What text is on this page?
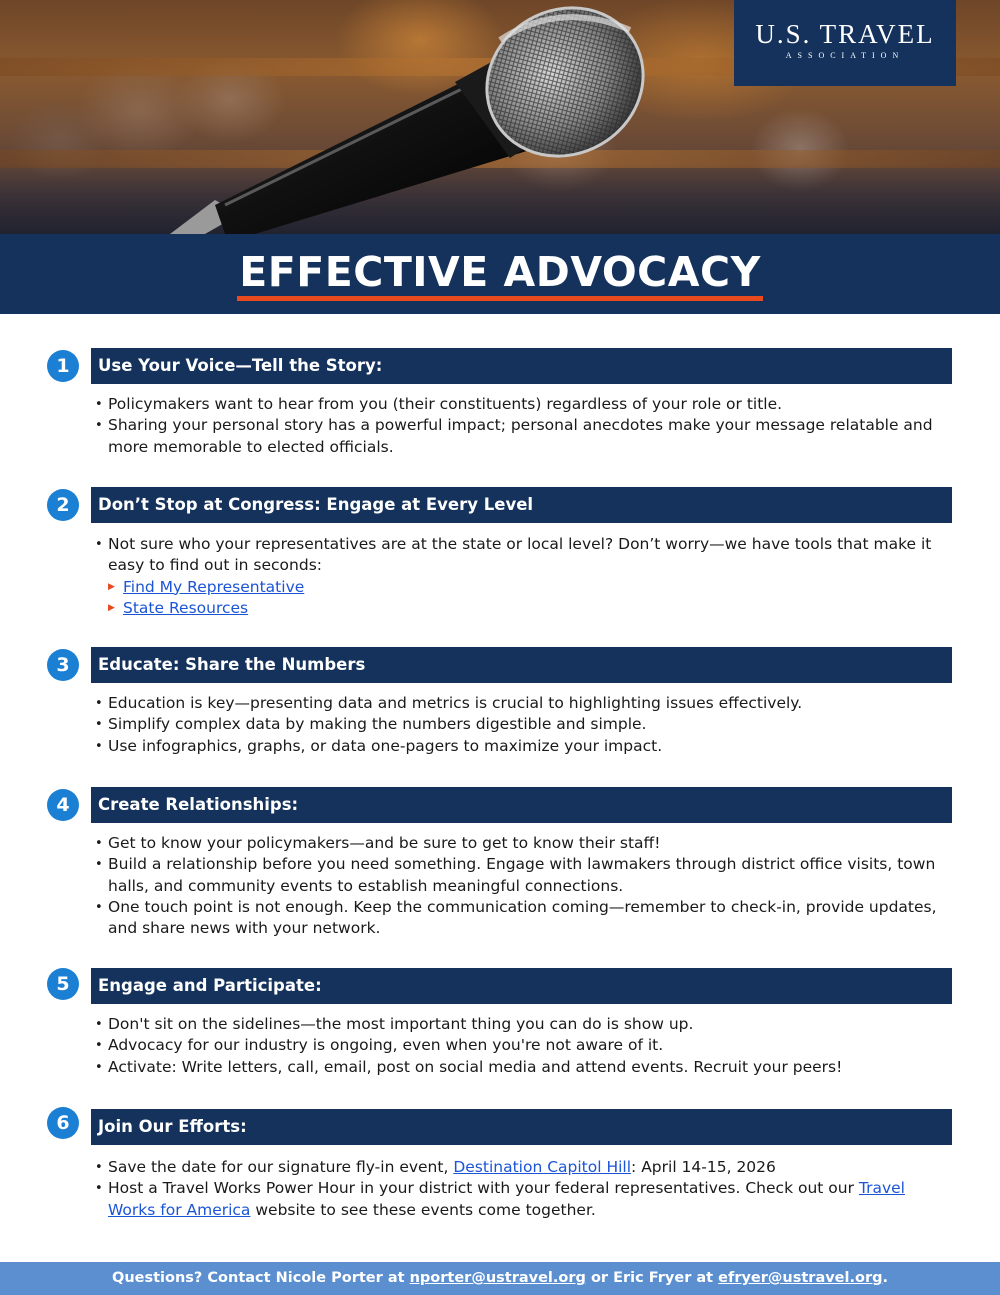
U.S. TRAVEL
ASSOCIATION
EFFECTIVE ADVOCACY
1	Use Your Voice—Tell the Story:
• Policymakers want to hear from you (their constituents) regardless of your role or title.
• Sharing your personal story has a powerful impact; personal anecdotes make your message relatable and more memorable to elected officials.
2	Don’t Stop at Congress: Engage at Every Level
• Not sure who your representatives are at the state or local level? Don’t worry—we have tools that make it easy to find out in seconds:
▶ Find My Representative
▶ State Resources
3	Educate: Share the Numbers
• Education is key—presenting data and metrics is crucial to highlighting issues effectively.
• Simplify complex data by making the numbers digestible and simple.
• Use infographics, graphs, or data one-pagers to maximize your impact.
4	Create Relationships:
• Get to know your policymakers—and be sure to get to know their staff!
• Build a relationship before you need something. Engage with lawmakers through district office visits, town halls, and community events to establish meaningful connections.
• One touch point is not enough. Keep the communication coming—remember to check-in, provide updates, and share news with your network.
5	Engage and Participate:
• Don't sit on the sidelines—the most important thing you can do is show up.
• Advocacy for our industry is ongoing, even when you're not aware of it.
• Activate: Write letters, call, email, post on social media and attend events. Recruit your peers!
6	Join Our Efforts:
• Save the date for our signature fly-in event, Destination Capitol Hill: April 14-15, 2026
• Host a Travel Works Power Hour in your district with your federal representatives. Check out our Travel Works for America website to see these events come together.
Questions? Contact Nicole Porter at nporter@ustravel.org or Eric Fryer at efryer@ustravel.org.
